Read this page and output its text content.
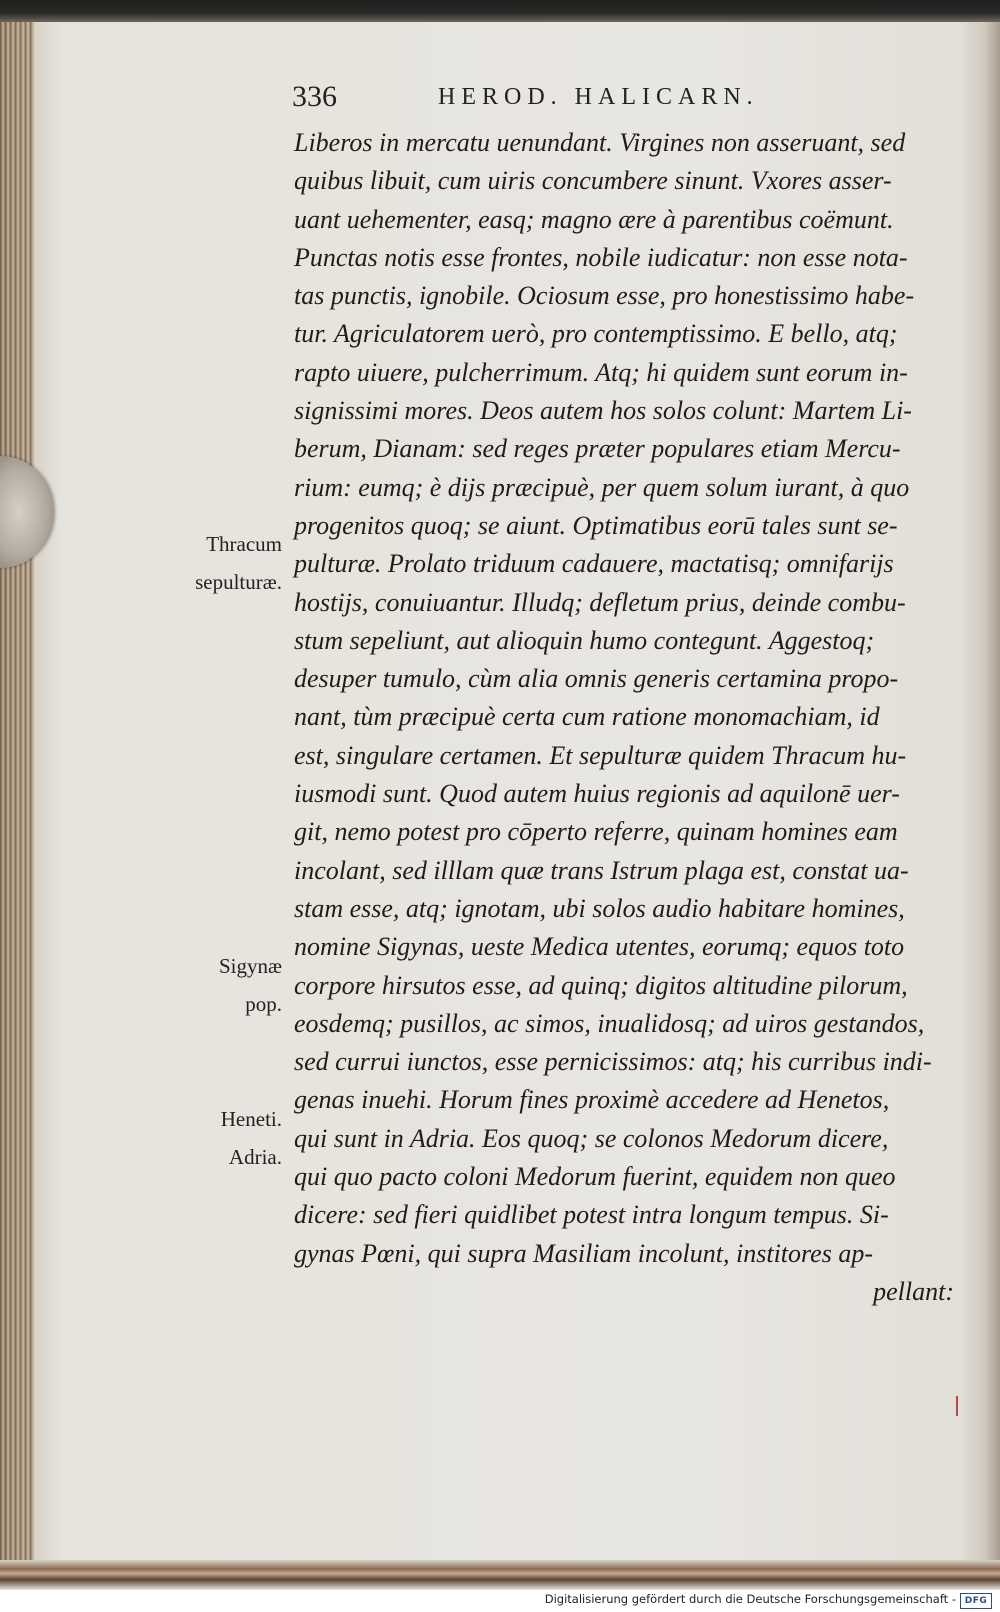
336	HEROD. HALICARN.
Liberos in mercatu uenundant. Virgines non asseruant, sed
quibus libuit, cum uiris concumbere sinunt. Vxores asser-
uant uehementer, easq; magno ære à parentibus coëmunt.
Punctas notis esse frontes, nobile iudicatur: non esse nota-
tas punctis, ignobile. Ociosum esse, pro honestissimo habe-
tur. Agriculatorem uerò, pro contemptissimo. E bello, atq;
rapto uiuere, pulcherrimum. Atq; hi quidem sunt eorum in-
signissimi mores. Deos autem hos solos colunt: Martem Li-
berum, Dianam: sed reges præter populares etiam Mercu-
rium: eumq; è dijs præcipuè, per quem solum iurant, à quo
progenitos quoq; se aiunt. Optimatibus eorū tales sunt se-
pulturæ. Prolato triduum cadauere, mactatisq; omnifarijs
hostijs, conuiuantur. Illudq; defletum prius, deinde combu-
stum sepeliunt, aut alioquin humo contegunt. Aggestoq;
desuper tumulo, cùm alia omnis generis certamina propo-
nant, tùm præcipuè certa cum ratione monomachiam, id
est, singulare certamen. Et sepulturæ quidem Thracum hu-
iusmodi sunt. Quod autem huius regionis ad aquilonē uer-
git, nemo potest pro cōperto referre, quinam homines eam
incolant, sed illlam quæ trans Istrum plaga est, constat ua-
stam esse, atq; ignotam, ubi solos audio habitare homines,
nomine Sigynas, ueste Medica utentes, eorumq; equos toto
corpore hirsutos esse, ad quinq; digitos altitudine pilorum,
eosdemq; pusillos, ac simos, inualidosq; ad uiros gestandos,
sed currui iunctos, esse pernicissimos: atq; his curribus indi-
genas inuehi. Horum fines proximè accedere ad Henetos,
qui sunt in Adria. Eos quoq; se colonos Medorum dicere,
qui quo pacto coloni Medorum fuerint, equidem non queo
dicere: sed fieri quidlibet potest intra longum tempus. Si-
gynas Pœni, qui supra Masiliam incolunt, institores ap-
pellant:
Thracum
sepulturæ.
Sigynæ
pop.
Heneti.
Adria.
Digitalisierung gefördert durch die Deutsche Forschungsgemeinschaft - DFG
